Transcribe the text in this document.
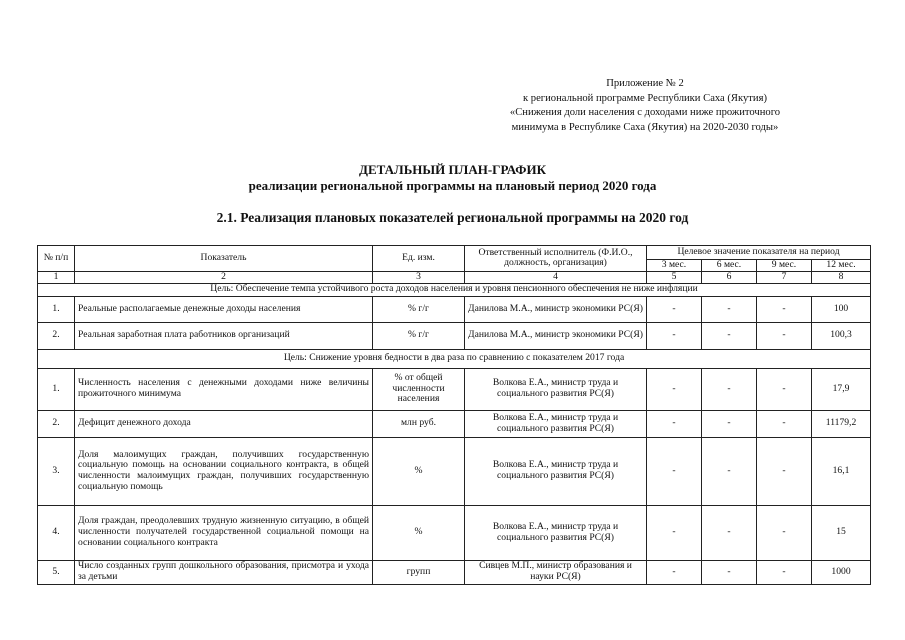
Приложение № 2
к региональной программе Республики Саха (Якутия)
«Снижения доли населения с доходами ниже прожиточного
минимума в Республике Саха (Якутия) на 2020-2030 годы»
ДЕТАЛЬНЫЙ ПЛАН-ГРАФИК
реализации региональной программы на плановый период 2020 года
2.1. Реализация плановых показателей региональной программы на 2020 год
№ п/п	Показатель	Ед. изм.	Ответственный исполнитель (Ф.И.О., должность, организация)	Целевое значение показателя на период			
				3 мес.	6 мес.	9 мес.	12 мес.
1	2	3	4	5	6	7	8
Цель: Обеспечение темпа устойчивого роста доходов населения и уровня пенсионного обеспечения не ниже инфляции							
1.	Реальные располагаемые денежные доходы населения	% г/г	Данилова М.А., министр экономики РС(Я)	-	-	-	100
2.	Реальная заработная плата работников организаций	% г/г	Данилова М.А., министр экономики РС(Я)	-	-	-	100,3
Цель: Снижение уровня бедности в два раза по сравнению с показателем 2017 года							
1.	Численность населения с денежными доходами ниже величины прожиточного минимума	% от общей численности населения	Волкова Е.А., министр труда и социального развития РС(Я)	-	-	-	17,9
2.	Дефицит денежного дохода	млн руб.	Волкова Е.А., министр труда и социального развития РС(Я)	-	-	-	11179,2
3.	Доля малоимущих граждан, получивших государственную социальную помощь на основании социального контракта, в общей численности малоимущих граждан, получивших государственную социальную помощь	%	Волкова Е.А., министр труда и социального развития РС(Я)	-	-	-	16,1
4.	Доля граждан, преодолевших трудную жизненную ситуацию, в общей численности получателей государственной социальной помощи на основании социального контракта	%	Волкова Е.А., министр труда и социального развития РС(Я)	-	-	-	15
5.	Число созданных групп дошкольного образования, присмотра и ухода за детьми	групп	Сивцев М.П., министр образования и науки РС(Я)	-	-	-	1000
